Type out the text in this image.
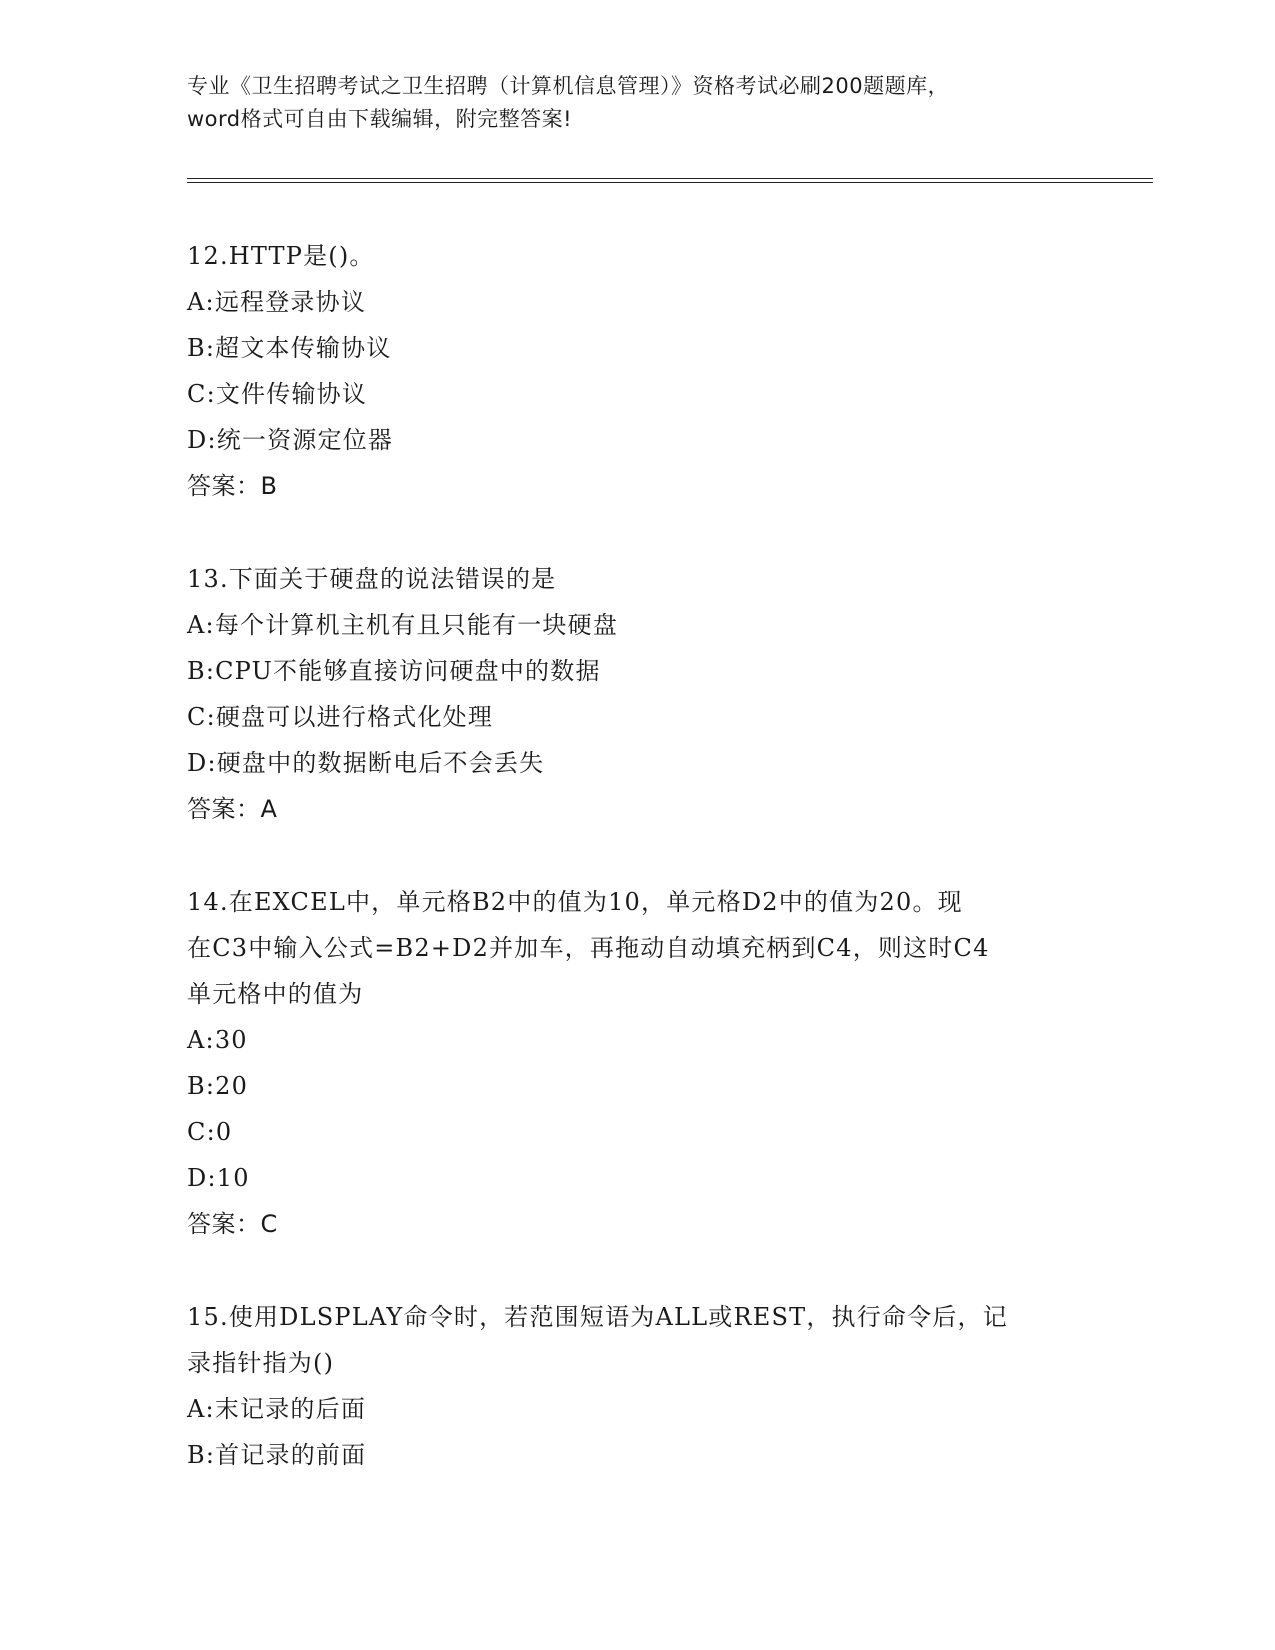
专业《卫生招聘考试之卫生招聘（计算机信息管理）》资格考试必刷200题题库，
word格式可自由下载编辑，附完整答案!
12.HTTP是()。
A:远程登录协议
B:超文本传输协议
C:文件传输协议
D:统一资源定位器
答案：B
13.下面关于硬盘的说法错误的是
A:每个计算机主机有且只能有一块硬盘
B:CPU不能够直接访问硬盘中的数据
C:硬盘可以进行格式化处理
D:硬盘中的数据断电后不会丢失
答案：A
14.在EXCEL中，单元格B2中的值为10，单元格D2中的值为20。现
在C3中输入公式=B2+D2并加车，再拖动自动填充柄到C4，则这时C4
单元格中的值为
A:30
B:20
C:0
D:10
答案：C
15.使用DLSPLAY命令时，若范围短语为ALL或REST，执行命令后，记
录指针指为()
A:末记录的后面
B:首记录的前面
